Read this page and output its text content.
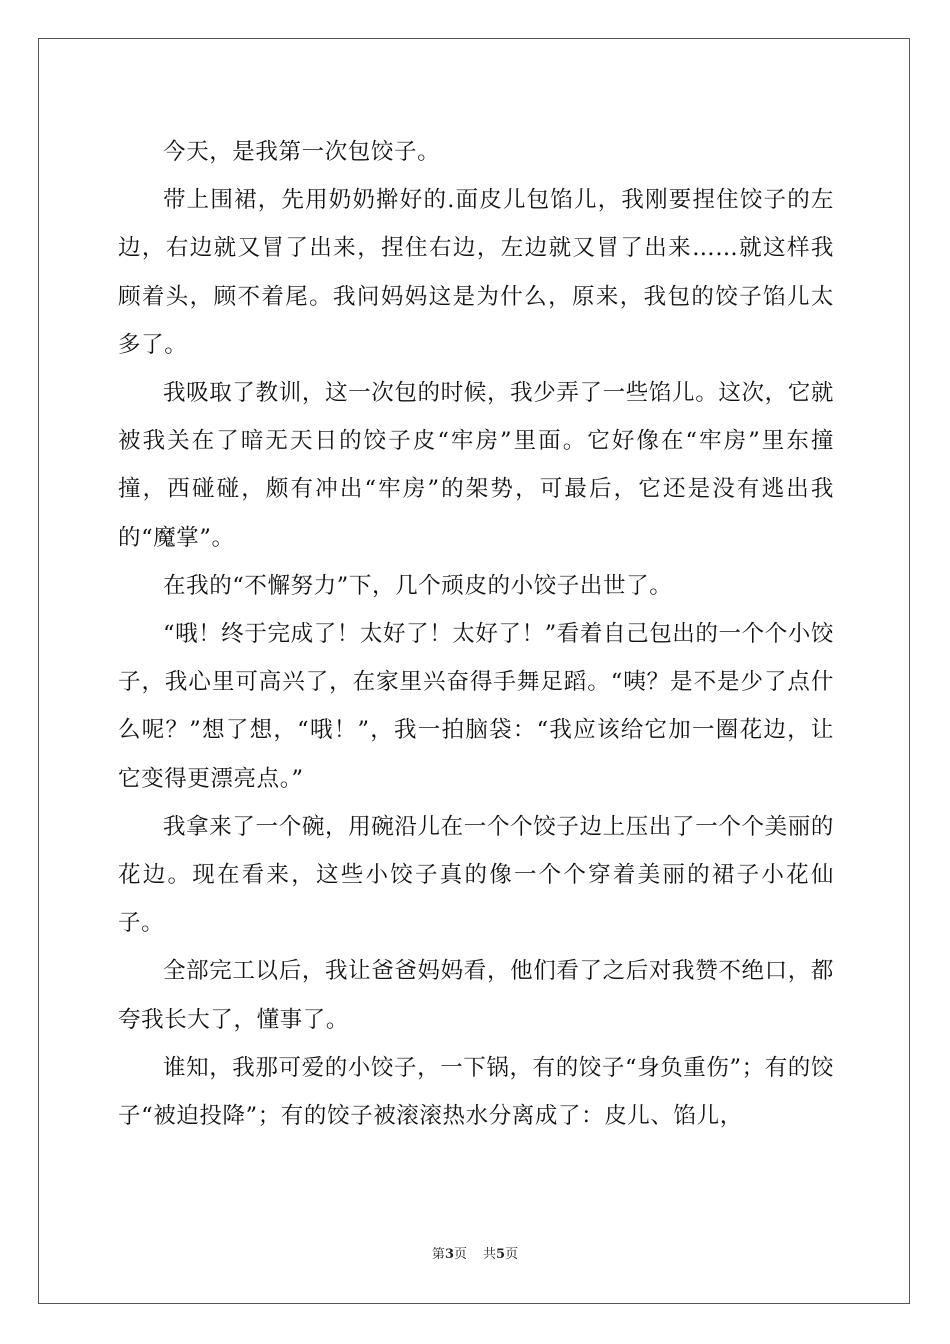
今天，是我第一次包饺子。

带上围裙，先用奶奶擀好的.面皮儿包馅儿，我刚要捏住饺子的左边，右边就又冒了出来，捏住右边，左边就又冒了出来……就这样我顾着头，顾不着尾。我问妈妈这是为什么，原来，我包的饺子馅儿太多了。

我吸取了教训，这一次包的时候，我少弄了一些馅儿。这次，它就被我关在了暗无天日的饺子皮“牢房”里面。它好像在“牢房”里东撞撞，西碰碰，颇有冲出“牢房”的架势，可最后，它还是没有逃出我的“魔掌”。

在我的“不懈努力”下，几个顽皮的小饺子出世了。

“哦！终于完成了！太好了！太好了！”看着自己包出的一个个小饺子，我心里可高兴了，在家里兴奋得手舞足蹈。“咦？是不是少了点什么呢？”想了想，“哦！”，我一拍脑袋：“我应该给它加一圈花边，让它变得更漂亮点。”

我拿来了一个碗，用碗沿儿在一个个饺子边上压出了一个个美丽的花边。现在看来，这些小饺子真的像一个个穿着美丽的裙子小花仙子。

全部完工以后，我让爸爸妈妈看，他们看了之后对我赞不绝口，都夸我长大了，懂事了。

谁知，我那可爱的小饺子，一下锅，有的饺子“身负重伤”；有的饺子“被迫投降”；有的饺子被滚滚热水分离成了：皮儿、馅儿，

第3页 共5页
